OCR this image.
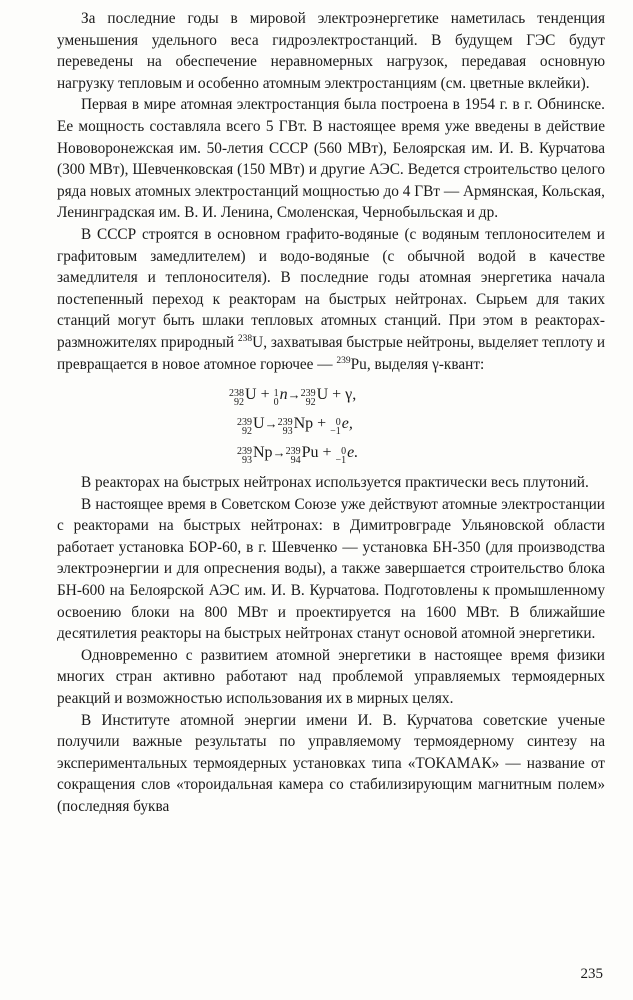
За последние годы в мировой электроэнергетике наметилась тенденция уменьшения удельного веса гидроэлектростанций. В будущем ГЭС будут переведены на обеспечение неравномерных нагрузок, передавая основную нагрузку тепловым и особенно атомным электростанциям (см. цветные вклейки).

Первая в мире атомная электростанция была построена в 1954 г. в г. Обнинске. Ее мощность составляла всего 5 ГВт. В настоящее время уже введены в действие Нововоронежская им. 50-летия СССР (560 МВт), Белоярская им. И. В. Курчатова (300 МВт), Шевченковская (150 МВт) и другие АЭС. Ведется строительство целого ряда новых атомных электростанций мощностью до 4 ГВт — Армянская, Кольская, Ленинградская им. В. И. Ленина, Смоленская, Чернобыльская и др.

В СССР строятся в основном графито-водяные (с водяным теплоносителем и графитовым замедлителем) и водо-водяные (с обычной водой в качестве замедлителя и теплоносителя). В последние годы атомная энергетика начала постепенный переход к реакторам на быстрых нейтронах. Сырьем для таких станций могут быть шлаки тепловых атомных станций. При этом в реакторах-размножителях природный $^{238}$U, захватывая быстрые нейтроны, выделяет теплоту и превращается в новое атомное горючее — $^{239}$Pu, выделяя γ-квант:

238
92 U + 1
0 n→ 239
92 U + γ,
239
92 U→ 239
93 Np + 0
−1 e,
239
93 Np→ 239
94 Pu + 0
−1 e.

В реакторах на быстрых нейтронах используется практически весь плутоний.

В настоящее время в Советском Союзе уже действуют атомные электростанции с реакторами на быстрых нейтронах: в Димитровграде Ульяновской области работает установка БОР-60, в г. Шевченко — установка БН-350 (для производства электроэнергии и для опреснения воды), а также завершается строительство блока БН-600 на Белоярской АЭС им. И. В. Курчатова. Подготовлены к промышленному освоению блоки на 800 МВт и проектируется на 1600 МВт. В ближайшие десятилетия реакторы на быстрых нейтронах станут основой атомной энергетики.

Одновременно с развитием атомной энергетики в настоящее время физики многих стран активно работают над проблемой управляемых термоядерных реакций и возможностью использования их в мирных целях.

В Институте атомной энергии имени И. В. Курчатова советские ученые получили важные результаты по управляемому термоядерному синтезу на экспериментальных термоядерных установках типа «ТОКАМАК» — название от сокращения слов «тороидальная камера со стабилизирующим магнитным полем» (последняя буква

235
